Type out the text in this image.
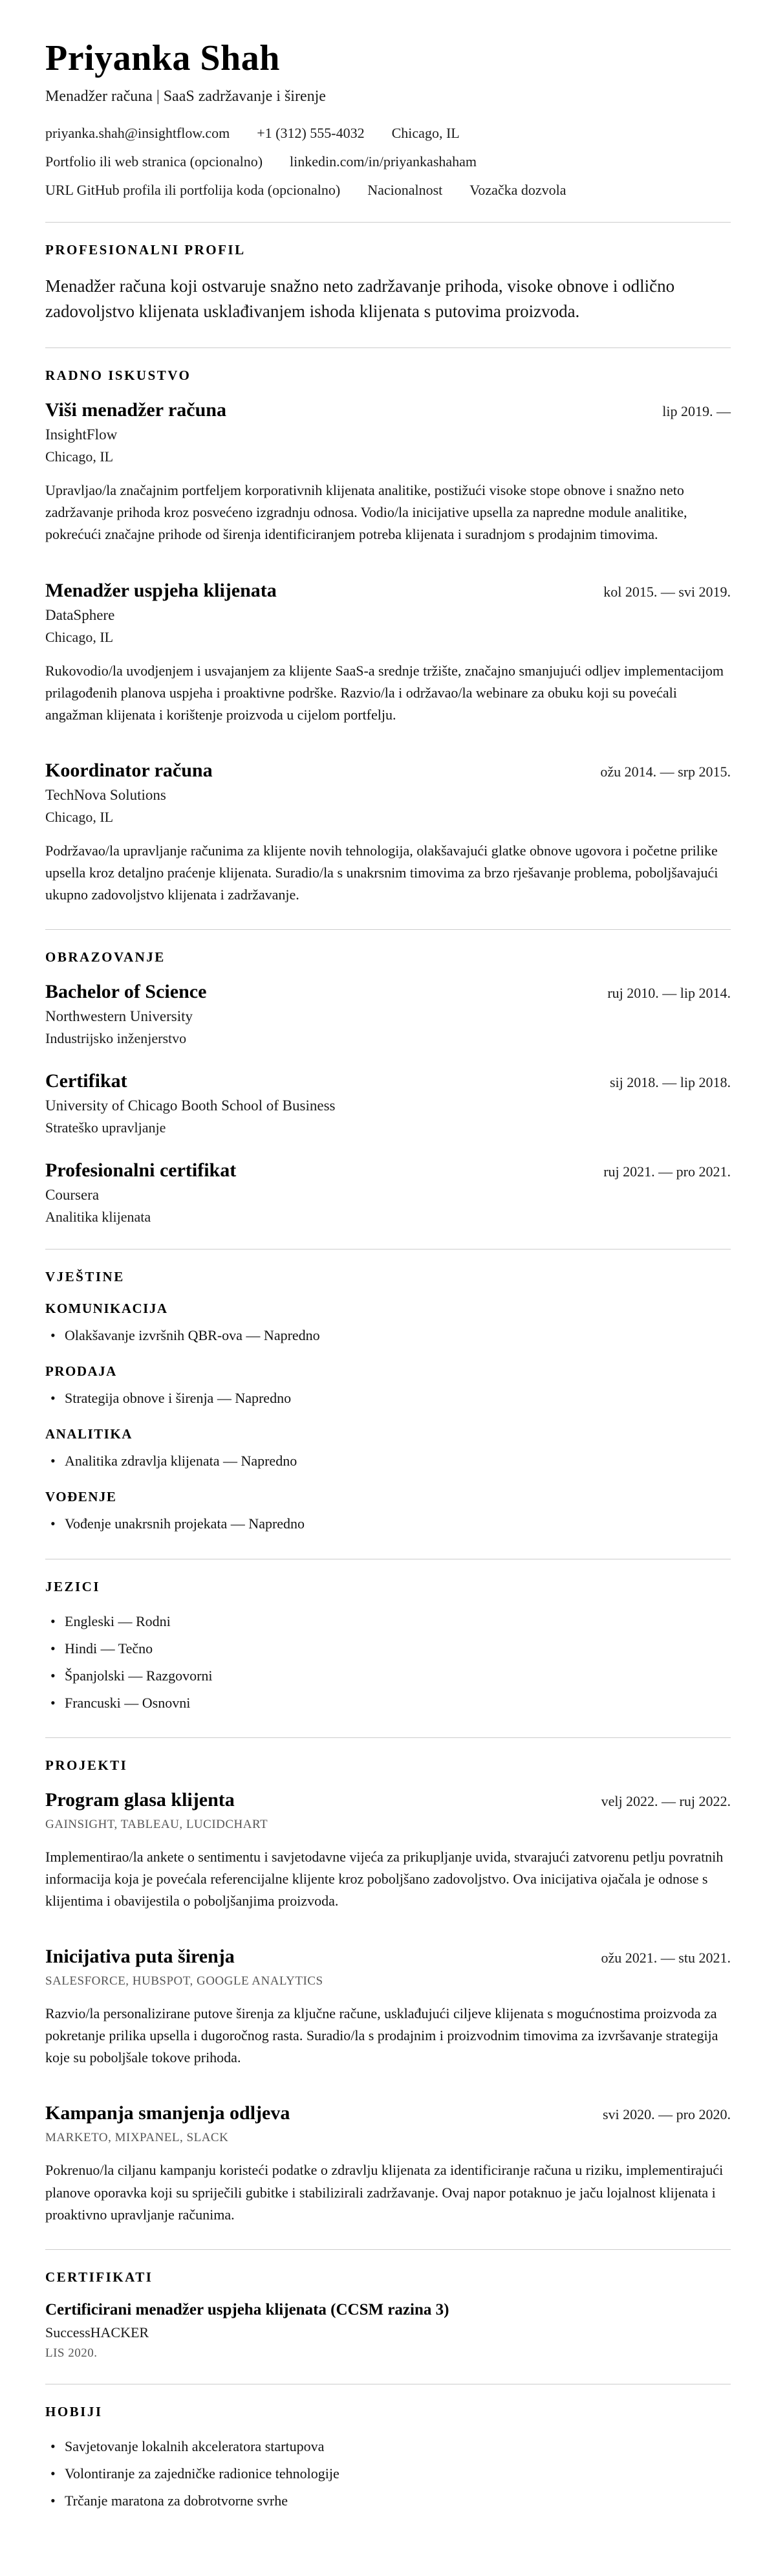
Priyanka Shah
Menadžer računa | SaaS zadržavanje i širenje
priyanka.shah@insightflow.com +1 (312) 555-4032 Chicago, IL
Portfolio ili web stranica (opcionalno) linkedin.com/in/priyankashaham
URL GitHub profila ili portfolija koda (opcionalno) Nacionalnost Vozačka dozvola
PROFESIONALNI PROFIL

Menadžer računa koji ostvaruje snažno neto zadržavanje prihoda, visoke obnove i odlično zadovoljstvo klijenata usklađivanjem ishoda klijenata s putovima proizvoda.

RADNO ISKUSTVO
Viši menadžer računa	lip 2019. —
InsightFlow
Chicago, IL

Upravljao/la značajnim portfeljem korporativnih klijenata analitike, postižući visoke stope obnove i snažno neto zadržavanje prihoda kroz posvećeno izgradnju odnosa. Vodio/la inicijative upsella za napredne module analitike, pokrećući značajne prihode od širenja identificiranjem potreba klijenata i suradnjom s prodajnim timovima.

Menadžer uspjeha klijenata	kol 2015. — svi 2019.
DataSphere
Chicago, IL

Rukovodio/la uvodjenjem i usvajanjem za klijente SaaS-a srednje tržište, značajno smanjujući odljev implementacijom prilagođenih planova uspjeha i proaktivne podrške. Razvio/la i održavao/la webinare za obuku koji su povećali angažman klijenata i korištenje proizvoda u cijelom portfelju.

Koordinator računa	ožu 2014. — srp 2015.
TechNova Solutions
Chicago, IL

Podržavao/la upravljanje računima za klijente novih tehnologija, olakšavajući glatke obnove ugovora i početne prilike upsella kroz detaljno praćenje klijenata. Suradio/la s unakrsnim timovima za brzo rješavanje problema, poboljšavajući ukupno zadovoljstvo klijenata i zadržavanje.

OBRAZOVANJE
Bachelor of Science	ruj 2010. — lip 2014.
Northwestern University
Industrijsko inženjerstvo
Certifikat	sij 2018. — lip 2018.
University of Chicago Booth School of Business
Strateško upravljanje
Profesionalni certifikat	ruj 2021. — pro 2021.
Coursera
Analitika klijenata
VJEŠTINE
KOMUNIKACIJA
• Olakšavanje izvršnih QBR-ova — Napredno
PRODAJA
• Strategija obnove i širenja — Napredno
ANALITIKA
• Analitika zdravlja klijenata — Napredno
VOĐENJE
• Vođenje unakrsnih projekata — Napredno
JEZICI
• Engleski — Rodni
• Hindi — Tečno
• Španjolski — Razgovorni
• Francuski — Osnovni
PROJEKTI
Program glasa klijenta	velj 2022. — ruj 2022.
GAINSIGHT, TABLEAU, LUCIDCHART

Implementirao/la ankete o sentimentu i savjetodavne vijeća za prikupljanje uvida, stvarajući zatvorenu petlju povratnih informacija koja je povećala referencijalne klijente kroz poboljšano zadovoljstvo. Ova inicijativa ojačala je odnose s klijentima i obavijestila o poboljšanjima proizvoda.

Inicijativa puta širenja	ožu 2021. — stu 2021.
SALESFORCE, HUBSPOT, GOOGLE ANALYTICS

Razvio/la personalizirane putove širenja za ključne račune, usklađujući ciljeve klijenata s mogućnostima proizvoda za pokretanje prilika upsella i dugoročnog rasta. Suradio/la s prodajnim i proizvodnim timovima za izvršavanje strategija koje su poboljšale tokove prihoda.

Kampanja smanjenja odljeva	svi 2020. — pro 2020.
MARKETO, MIXPANEL, SLACK

Pokrenuo/la ciljanu kampanju koristeći podatke o zdravlju klijenata za identificiranje računa u riziku, implementirajući planove oporavka koji su spriječili gubitke i stabilizirali zadržavanje. Ovaj napor potaknuo je jaču lojalnost klijenata i proaktivno upravljanje računima.

CERTIFIKATI
Certificirani menadžer uspjeha klijenata (CCSM razina 3)
SuccessHACKER
LIS 2020.
HOBIJI
• Savjetovanje lokalnih akceleratora startupova
• Volontiranje za zajedničke radionice tehnologije
• Trčanje maratona za dobrotvorne svrhe
